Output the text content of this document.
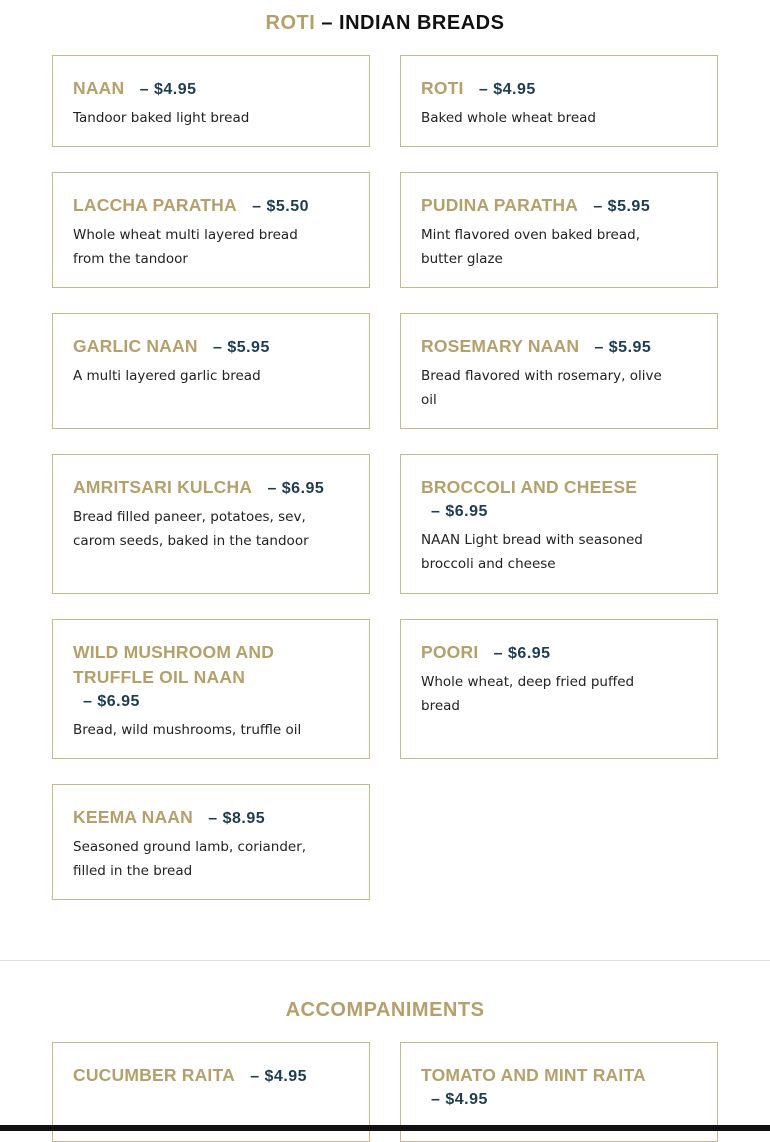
ROTI – INDIAN BREADS
NAAN – $4.95
Tandoor baked light bread
ROTI – $4.95
Baked whole wheat bread
LACCHA PARATHA – $5.50
Whole wheat multi layered bread from the tandoor
PUDINA PARATHA – $5.95
Mint flavored oven baked bread, butter glaze
GARLIC NAAN – $5.95
A multi layered garlic bread
ROSEMARY NAAN – $5.95
Bread flavored with rosemary, olive oil
AMRITSARI KULCHA – $6.95
Bread filled paneer, potatoes, sev, carom seeds, baked in the tandoor
BROCCOLI AND CHEESE
– $6.95
NAAN Light bread with seasoned broccoli and cheese
WILD MUSHROOM AND TRUFFLE OIL NAAN
– $6.95
Bread, wild mushrooms, truffle oil
POORI – $6.95
Whole wheat, deep fried puffed bread
KEEMA NAAN – $8.95
Seasoned ground lamb, coriander, filled in the bread
ACCOMPANIMENTS
CUCUMBER RAITA – $4.95	TOMATO AND MINT RAITA
– $4.95
